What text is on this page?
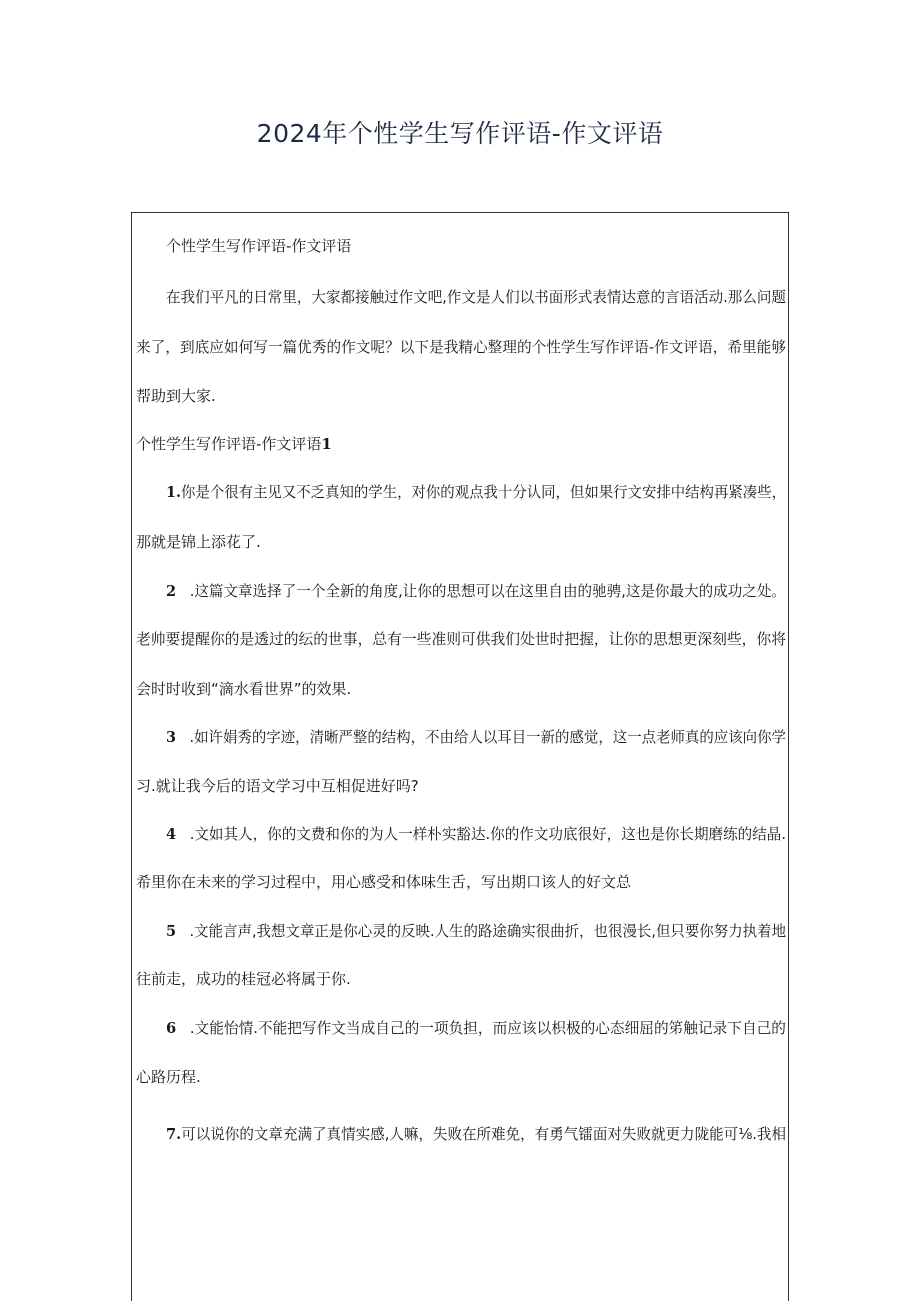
2024年个性学生写作评语-作文评语
个性学生写作评语-作文评语
在我们平凡的日常里，大家都接触过作文吧,作文是人们以书面形式表情达意的言语活动.那么问题
来了，到底应如何写一篇优秀的作文呢？以下是我精心整理的个性学生写作评语-作文评语，希里能够
帮助到大家.
个性学生写作评语-作文评语1
1.你是个很有主见又不乏真知的学生，对你的观点我十分认同，但如果行文安排中结构再紧凑些，
那就是锦上添花了.
2 .这篇文章选择了一个全新的角度,让你的思想可以在这里自由的驰骋,这是你最大的成功之处。
老帅要提醒你的是透过的纭的世事，总有一些准则可供我们处世时把握，让你的思想更深刻些，你将
会时时收到“滴水看世界”的效果.
3 .如许娟秀的字迹，清晰严整的结构，不由给人以耳目一新的感觉，这一点老师真的应该向你学
习.就让我今后的语文学习中互相促进好吗?
4 .文如其人，你的文费和你的为人一样朴实豁达.你的作文功底很好，这也是你长期磨练的结晶.
希里你在未来的学习过程中，用心感受和体味生舌，写出期口该人的好文总
5 .文能言声,我想文章正是你心灵的反映.人生的路途确实很曲折，也很漫长,但只要你努力执着地
往前走，成功的桂冠必将属于你.
6 .文能怡情.不能把写作文当成自己的一项负担，而应该以枳极的心态细屈的笫触记录下自己的
心路历程.
7.可以说你的文章充满了真情实感,人嘛，失败在所难免，有勇气镭面对失败就更力陇能可⅛.我相
